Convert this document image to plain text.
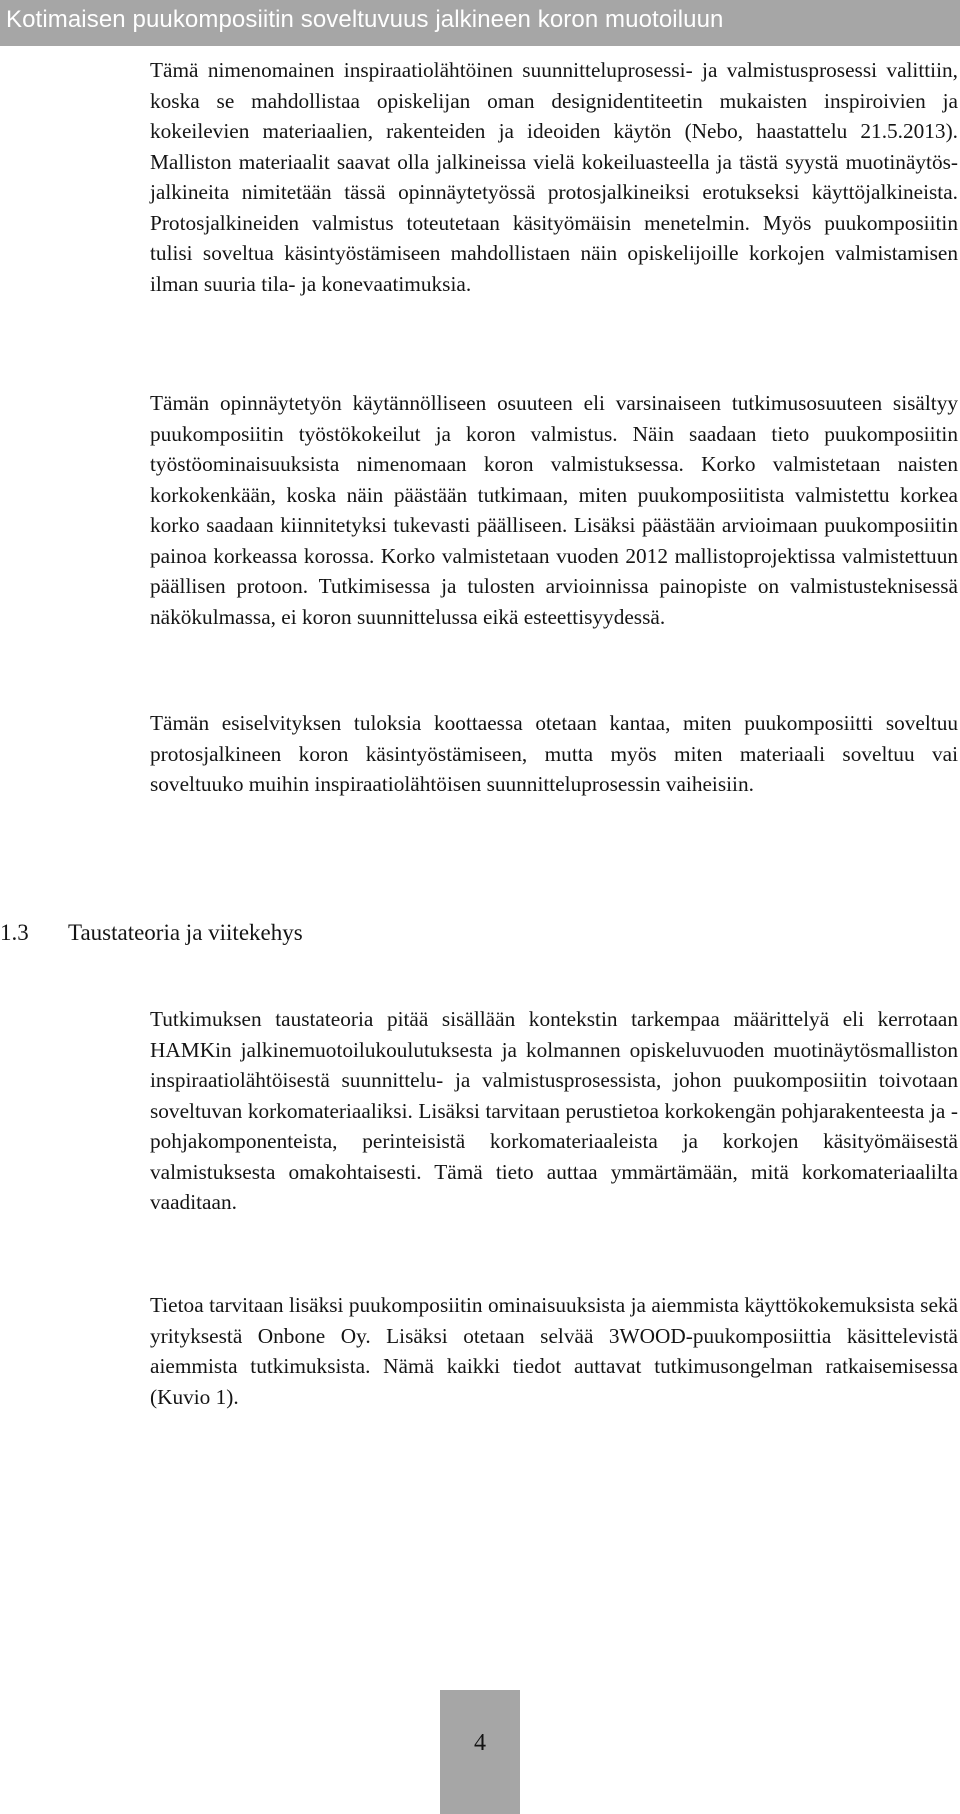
Kotimaisen puukomposiitin soveltuvuus jalkineen koron muotoiluun

Tämä nimenomainen inspiraatiolähtöinen suunnitteluprosessi- ja valmistusprosessi valittiin, koska se mahdollistaa opiskelijan oman designidentiteetin mukaisten inspiroivien ja kokeilevien materiaalien, rakenteiden ja ideoiden käytön (Nebo, haastattelu 21.5.2013). Malliston materiaalit saavat olla jalkineissa vielä kokeiluasteella ja tästä syystä muotinäytösjalkineita nimitetään tässä opinnäytetyössä protosjalkineiksi erotukseksi käyttöjalkineista. Protosjalkineiden valmistus toteutetaan käsityömäisin menetelmin. Myös puukomposiitin tulisi soveltua käsintyöstämiseen mahdollistaen näin opiskelijoille korkojen valmistamisen ilman suuria tila- ja konevaatimuksia.

Tämän opinnäytetyön käytännölliseen osuuteen eli varsinaiseen tutkimusosuuteen sisältyy puukomposiitin työstökokeilut ja koron valmistus. Näin saadaan tieto puukomposiitin työstöominaisuuksista nimenomaan koron valmistuksessa. Korko valmistetaan naisten korkokenkään, koska näin päästään tutkimaan, miten puukomposiitista valmistettu korkea korko saadaan kiinnitetyksi tukevasti päälliseen. Lisäksi päästään arvioimaan puukomposiitin painoa korkeassa korossa. Korko valmistetaan vuoden 2012 mallistoprojektissa valmistettuun päällisen protoon. Tutkimisessa ja tulosten arvioinnissa painopiste on valmistusteknisessä näkökulmassa, ei koron suunnittelussa eikä esteettisyydessä.

Tämän esiselvityksen tuloksia koottaessa otetaan kantaa, miten puukomposiitti soveltuu protosjalkineen koron käsintyöstämiseen, mutta myös miten materiaali soveltuu vai soveltuuko muihin inspiraatiolähtöisen suunnitteluprosessin vaiheisiin.

1.3 Taustateoria ja viitekehys

Tutkimuksen taustateoria pitää sisällään kontekstin tarkempaa määrittelyä eli kerrotaan HAMKin jalkinemuotoilukoulutuksesta ja kolmannen opiskeluvuoden muotinäytösmalliston inspiraatiolähtöisestä suunnittelu- ja valmistusprosessista, johon puukomposiitin toivotaan soveltuvan korkomateriaaliksi. Lisäksi tarvitaan perustietoa korkokengän pohjarakenteesta ja -pohjakomponenteista, perinteisistä korkomateriaaleista ja korkojen käsityömäisestä valmistuksesta omakohtaisesti. Tämä tieto auttaa ymmärtämään, mitä korkomateriaalilta vaaditaan.

Tietoa tarvitaan lisäksi puukomposiitin ominaisuuksista ja aiemmista käyttökokemuksista sekä yrityksestä Onbone Oy. Lisäksi otetaan selvää 3WOOD-puukomposiittia käsittelevistä aiemmista tutkimuksista. Nämä kaikki tiedot auttavat tutkimusongelman ratkaisemisessa (Kuvio 1).

4
